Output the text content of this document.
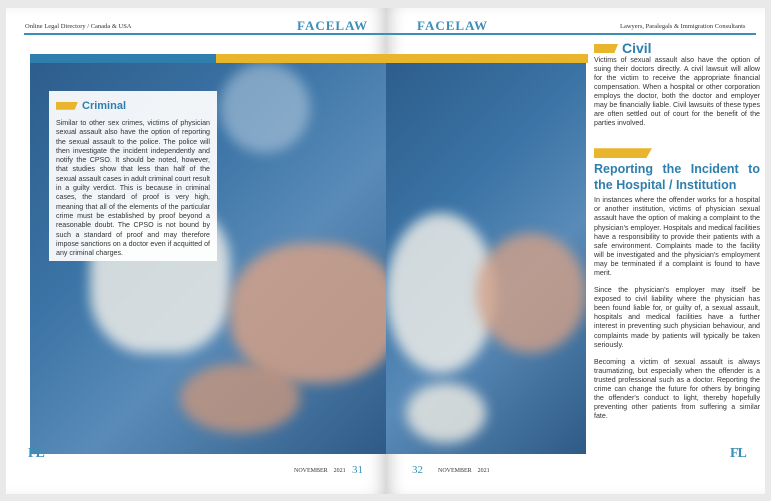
Online Legal Directory / Canada & USA	FACELAW
Criminal
Similar to other sex crimes, victims of physician sexual assault also have the option of reporting the sexual assault to the police. The police will then investigate the incident independently and notify the CPSO. It should be noted, however, that studies show that less than half of the sexual assault cases in adult criminal court result in a guilty verdict. This is because in criminal cases, the standard of proof is very high, meaning that all of the elements of the particular crime must be established by proof beyond a reasonable doubt. The CPSO is not bound by such a standard of proof and may therefore impose sanctions on a doctor even if acquitted of any criminal charges.
FL
NOVEMBER 2021 31
FACELAW	Lawyers, Paralegals & Immigration Consultants
Civil
Victims of sexual assault also have the option of suing their doctors directly. A civil lawsuit will allow for the victim to receive the appropriate financial compensation. When a hospital or other corporation employs the doctor, both the doctor and employer may be financially liable. Civil lawsuits of these types are often settled out of court for the benefit of the parties involved.
Reporting the Incident to the Hospital / Institution
In instances where the offender works for a hospital or another institution, victims of physician sexual assault have the option of making a complaint to the physician's employer. Hospitals and medical facilities have a responsibility to provide their patients with a safe environment. Complaints made to the facility will be investigated and the physician's employment may be terminated if a complaint is found to have merit.
Since the physician's employer may itself be exposed to civil liability where the physician has been found liable for, or guilty of, a sexual assault, hospitals and medical facilities have a further interest in preventing such physician behaviour, and complaints made by patients will typically be taken seriously.
Becoming a victim of sexual assault is always traumatizing, but especially when the offender is a trusted professional such as a doctor. Reporting the crime can change the future for others by bringing the offender's conduct to light, thereby hopefully preventing other patients from suffering a similar fate.
32	NOVEMBER 2021
FL
